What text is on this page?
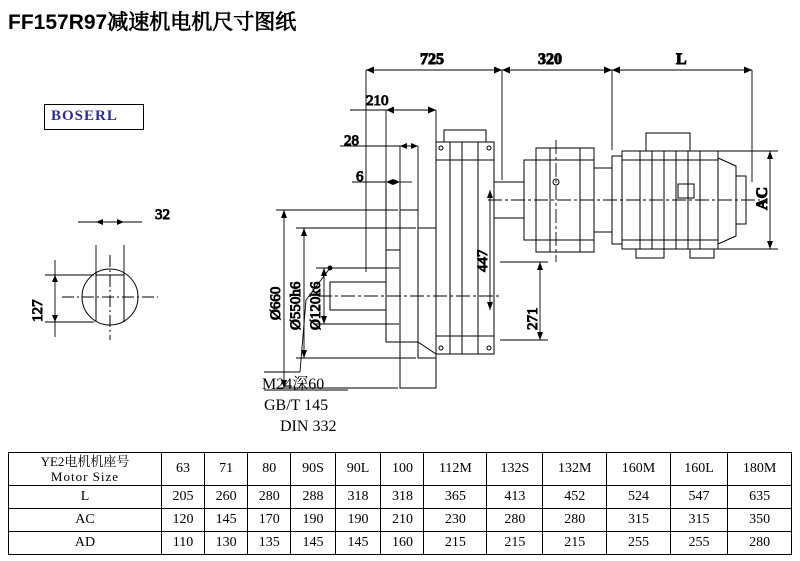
FF157R97减速机电机尺寸图纸
BOSERL
32
127
725	320	L
210
28
6
Ø660 Ø550h6 Ø120k6
447
271
AC
M24深60
GB/T 145
DIN 332
YE2电机机座号
Motor Size	63	71	80	90S	90L	100	112M	132S	132M	160M	160L	180M
L	205	260	280	288	318	318	365	413	452	524	547	635
AC	120	145	170	190	190	210	230	280	280	315	315	350
AD	110	130	135	145	145	160	215	215	215	255	255	280
